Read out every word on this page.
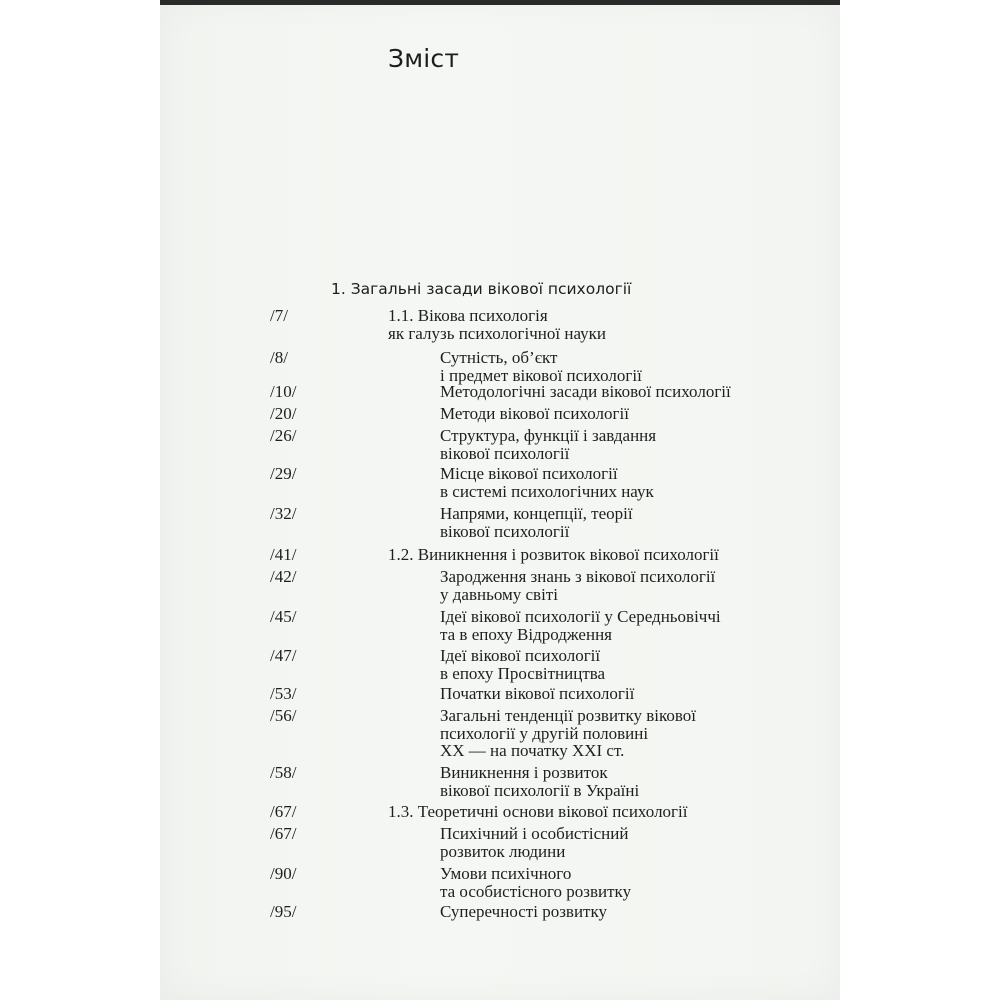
Зміст
1. Загальні засади вікової психології
/7/	1.1. Вікова психологія
як галузь психологічної науки
/8/	Сутність, об’єкт
і предмет вікової психології
/10/	Методологічні засади вікової психології
/20/	Методи вікової психології
/26/	Структура, функції і завдання
вікової психології
/29/	Місце вікової психології
в системі психологічних наук
/32/	Напрями, концепції, теорії
вікової психології
/41/	1.2. Виникнення і розвиток вікової психології
/42/	Зародження знань з вікової психології
у давньому світі
/45/	Ідеї вікової психології у Середньовіччі
та в епоху Відродження
/47/	Ідеї вікової психології
в епоху Просвітництва
/53/	Початки вікової психології
/56/	Загальні тенденції розвитку вікової
психології у другій половині
ХХ — на початку ХХІ ст.
/58/	Виникнення і розвиток
вікової психології в Україні
/67/	1.3. Теоретичні основи вікової психології
/67/	Психічний і особистісний
розвиток людини
/90/	Умови психічного
та особистісного розвитку
/95/	Суперечності розвитку
